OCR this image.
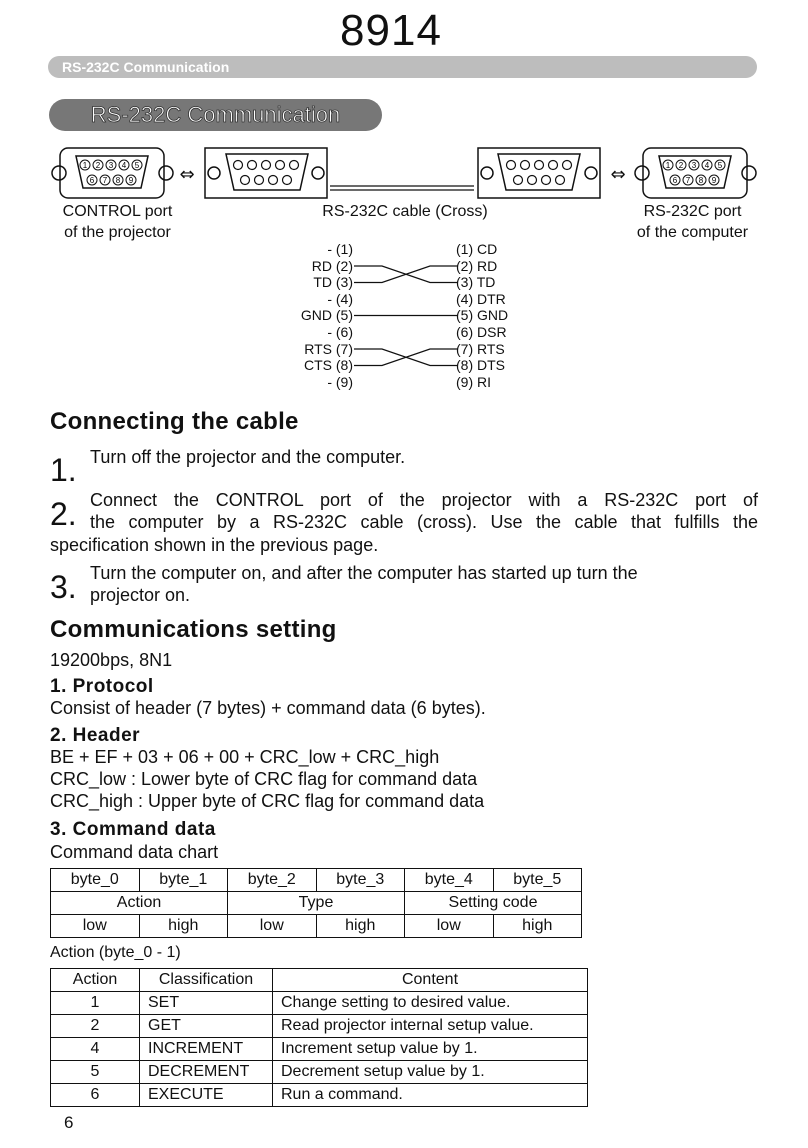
8914
RS-232C Communication
RS-232C Communication
1 2 3 4 5
6 7 8 9
1 2 3 4 5
6 7 8 9
⇔	⇔
CONTROL port
of the projector
RS-232C cable (Cross)	RS-232C port
of the computer
- (1)
RD (2)
TD (3)
- (4)
GND (5)
- (6)
RTS (7)
CTS (8)
- (9)
(1) CD
(2) RD
(3) TD
(4) DTR
(5) GND
(6) DSR
(7) RTS
(8) DTS
(9) RI
Connecting the cable
1. Turn off the projector and the computer.
2. Connect the CONTROL port of the projector with a RS-232C port of
the computer by a RS-232C cable (cross). Use the cable that fulfills the
specification shown in the previous page.
3. Turn the computer on, and after the computer has started up turn the
projector on.
Communications setting
19200bps, 8N1
1. Protocol
Consist of header (7 bytes) + command data (6 bytes).
2. Header
BE + EF + 03 + 06 + 00 + CRC_low + CRC_high
CRC_low : Lower byte of CRC flag for command data
CRC_high : Upper byte of CRC flag for command data
3. Command data
Command data chart
byte_0	byte_1	byte_2	byte_3	byte_4	byte_5
Action		Type		Setting code	
low	high	low	high	low	high
Action (byte_0 - 1)
Action	Classification	Content
1	SET	Change setting to desired value.
2	GET	Read projector internal setup value.
4	INCREMENT	Increment setup value by 1.
5	DECREMENT	Decrement setup value by 1.
6	EXECUTE	Run a command.
6
